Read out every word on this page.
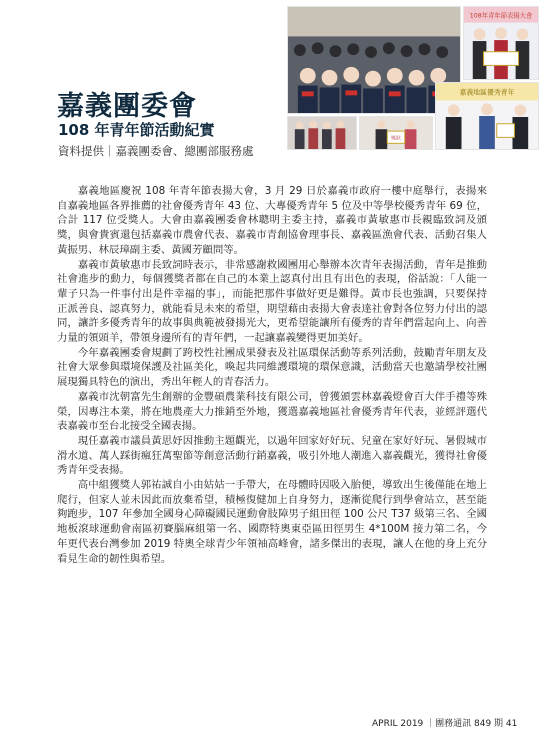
108年青年節表揚大會
獎狀
嘉義地區優秀青年
嘉義團委會
108 年青年節活動紀實
資料提供｜嘉義團委會、總團部服務處

嘉義地區慶祝 108 年青年節表揚大會，3 月 29 日於嘉義市政府一樓中庭舉行，表揚來自嘉義地區各界推薦的社會優秀青年 43 位、大專優秀青年 5 位及中等學校優秀青年 69 位，合計 117 位受獎人。大會由嘉義團委會林聰明主委主持，嘉義市黃敏惠市長親臨致詞及頒獎，與會貴賓還包括嘉義市農會代表、嘉義市青創協會理事長、嘉義區漁會代表、活動召集人黃振男、林辰璋副主委、黃國芳顧問等。

嘉義市黃敏惠市長致詞時表示，非常感謝救國團用心舉辦本次青年表揚活動，青年是推動社會進步的動力，每個獲獎者都在自己的本業上認真付出且有出色的表現，俗話說：「人能一輩子只為一件事付出是件幸福的事」，而能把那件事做好更是難得。黃市長也強調，只要保持正派善良、認真努力，就能看見未來的希望，期望藉由表揚大會表達社會對各位努力付出的認同，讓許多優秀青年的故事與典範被發揚光大，更希望能讓所有優秀的青年們當起向上、向善力量的領頭羊，帶領身邊所有的青年們，一起讓嘉義變得更加美好。

今年嘉義團委會規劃了跨校性社團成果發表及社區環保活動等系列活動，鼓勵青年朋友及社會大眾參與環境保護及社區美化，喚起共同維護環境的環保意識，活動當天也邀請學校社團展現獨具特色的演出，秀出年輕人的青春活力。

嘉義市沈朝富先生創辦的金豐碩農業科技有限公司，曾獲頒雲林嘉義燈會百大伴手禮等殊榮，因專注本業，將在地農產大力推銷至外地，獲選嘉義地區社會優秀青年代表，並經評選代表嘉義市至台北接受全國表揚。

現任嘉義市議員黃思妤因推動主題觀光，以過年回家好好玩、兒童在家好好玩、暑假城市滑水道、萬人踩街瘋狂萬聖節等創意活動行銷嘉義，吸引外地人潮進入嘉義觀光，獲得社會優秀青年受表揚。

高中組獲獎人郭祐誠自小由姑姑一手帶大，在母體時因吸入胎便，導致出生後僅能在地上爬行，但家人並未因此而放棄希望，積極復健加上自身努力，逐漸從爬行到學會站立，甚至能夠跑步，107 年參加全國身心障礙國民運動會肢障男子組田徑 100 公尺 T37 級第三名、全國地板滾球運動會南區初賽腦麻組第一名、國際特奧東亞區田徑男生 4*100M 接力第二名，今年更代表台灣參加 2019 特奧全球青少年領袖高峰會，諸多傑出的表現，讓人在他的身上充分看見生命的韌性與希望。

APRIL 2019 ｜團務通訊 849 期 41
